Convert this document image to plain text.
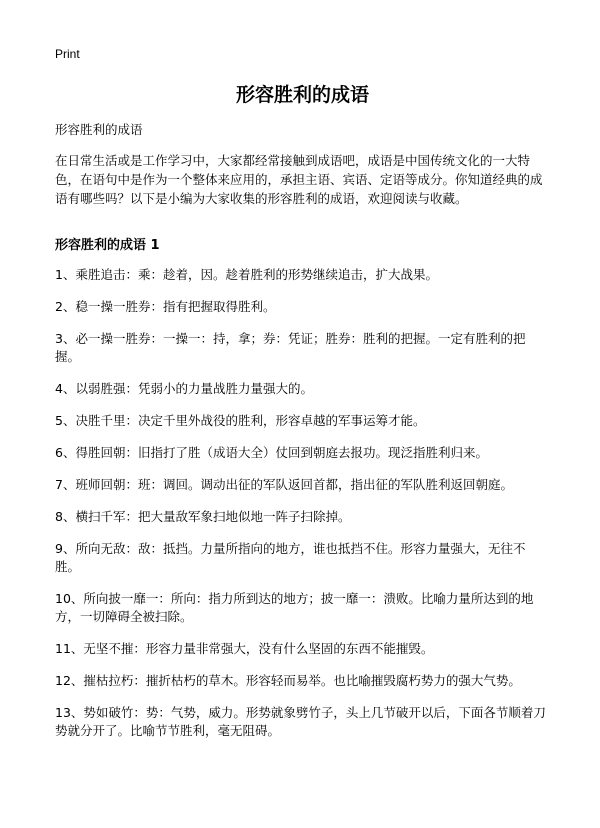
Print
形容胜利的成语

形容胜利的成语

在日常生活或是工作学习中，大家都经常接触到成语吧，成语是中国传统文化的一大特色，在语句中是作为一个整体来应用的，承担主语、宾语、定语等成分。你知道经典的成语有哪些吗？以下是小编为大家收集的形容胜利的成语，欢迎阅读与收藏。

形容胜利的成语 1
1、乘胜追击：乘：趁着，因。趁着胜利的形势继续追击，扩大战果。
2、稳一操一胜券：指有把握取得胜利。
3、必一操一胜券：一操一：持，拿；券：凭证；胜券：胜利的把握。一定有胜利的把握。
4、以弱胜强：凭弱小的力量战胜力量强大的。
5、决胜千里：决定千里外战役的胜利，形容卓越的军事运筹才能。
6、得胜回朝：旧指打了胜（成语大全）仗回到朝庭去报功。现泛指胜利归来。
7、班师回朝：班：调回。调动出征的军队返回首都，指出征的军队胜利返回朝庭。
8、横扫千军：把大量敌军象扫地似地一阵子扫除掉。
9、所向无敌：敌：抵挡。力量所指向的地方，谁也抵挡不住。形容力量强大，无往不胜。
10、所向披一靡一：所向：指力所到达的地方；披一靡一：溃败。比喻力量所达到的地方，一切障碍全被扫除。
11、无坚不摧：形容力量非常强大，没有什么坚固的东西不能摧毁。
12、摧枯拉朽：摧折枯朽的草木。形容轻而易举。也比喻摧毁腐朽势力的强大气势。
13、势如破竹：势：气势，威力。形势就象劈竹子，头上几节破开以后，下面各节顺着刀势就分开了。比喻节节胜利，毫无阻碍。
